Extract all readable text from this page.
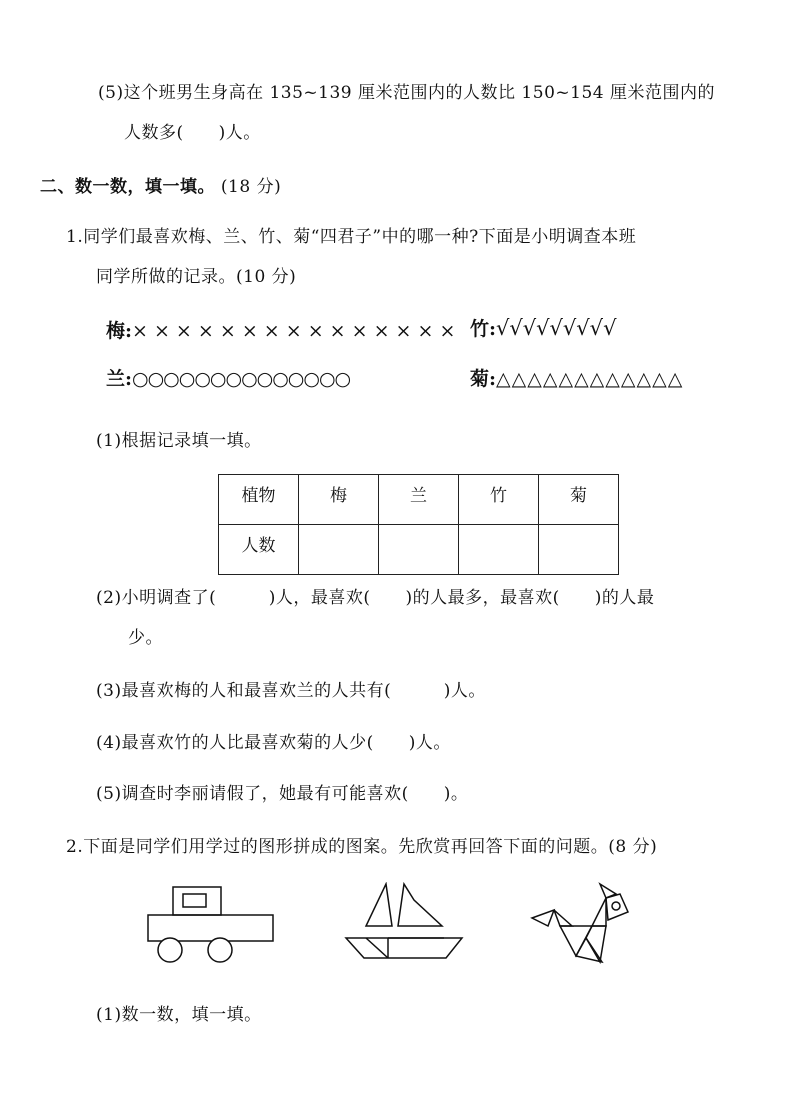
(5)这个班男生身高在 135~139 厘米范围内的人数比 150~154 厘米范围内的
人数多(　　)人。
二、数一数，填一填。 (18 分)
1.同学们最喜欢梅、兰、竹、菊“四君子”中的哪一种?下面是小明调查本班
同学所做的记录。(10 分)
梅:× × × × × × × × × × × × × × × 竹:√√√√√√√√√
兰:○○○○○○○○○○○○○○	菊:△△△△△△△△△△△△
(1)根据记录填一填。
植物	梅	兰	竹	菊
人数				
(2)小明调查了(　　　)人，最喜欢(　　)的人最多，最喜欢(　　)的人最
少。
(3)最喜欢梅的人和最喜欢兰的人共有(　　　)人。
(4)最喜欢竹的人比最喜欢菊的人少(　　)人。
(5)调查时李丽请假了，她最有可能喜欢(　　)。
2.下面是同学们用学过的图形拼成的图案。先欣赏再回答下面的问题。(8 分)
(1)数一数，填一填。
